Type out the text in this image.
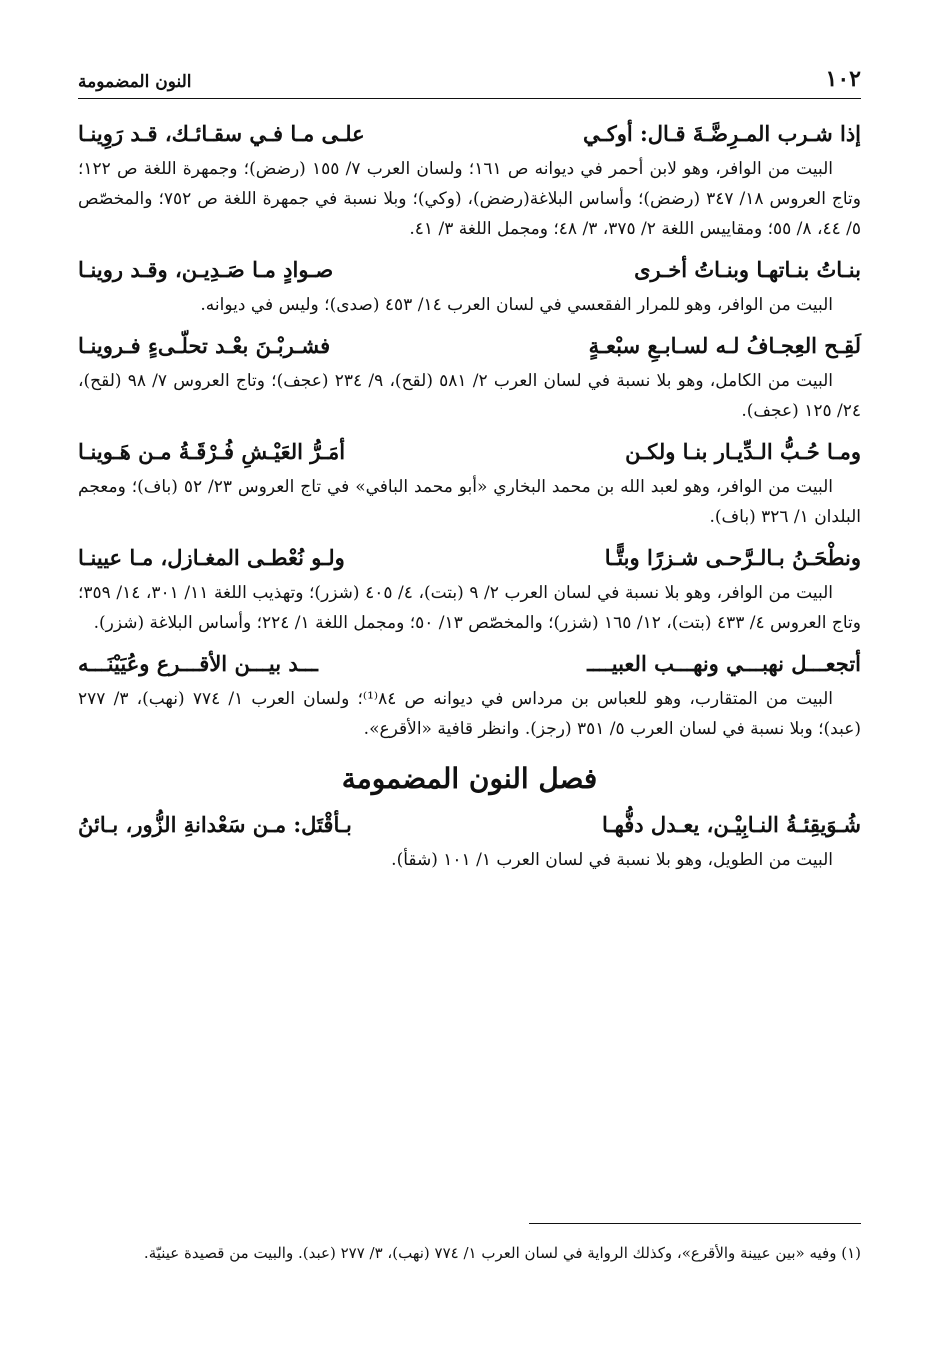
١٠٢
النون المضمومة
إذا شـرب المـرِضَّـةَ قـال: أوكـي
علـى مـا فـي سقـائـك، قـد رَوِينـا

البيت من الوافر، وهو لابن أحمر في ديوانه ص ١٦١؛ ولسان العرب ٧/ ١٥٥ (رضض)؛ وجمهرة اللغة ص ١٢٢؛ وتاج العروس ١٨/ ٣٤٧ (رضض)؛ وأساس البلاغة(رضض)، (وكي)؛ وبلا نسبة في جمهرة اللغة ص ٧٥٢؛ والمخصّص ٥/ ٤٤، ٨/ ٥٥؛ ومقاييس اللغة ٢/ ٣٧٥، ٣/ ٤٨؛ ومجمل اللغة ٣/ ٤١.

بنـاتُ بنـاتهـا وبنـاتُ أخـرى
صـوادٍ مـا صَـدِيـن، وقـد روينـا

البيت من الوافر، وهو للمرار الفقعسي في لسان العرب ١٤/ ٤٥٣ (صدى)؛ وليس في ديوانه.

لَقِـح العِجـافُ لـه لسـابـعِ سبْعـةٍ
فشـربْـنَ بعْـد تحلّـىءٍ فـروينـا

البيت من الكامل، وهو بلا نسبة في لسان العرب ٢/ ٥٨١ (لقح)، ٩/ ٢٣٤ (عجف)؛ وتاج العروس ٧/ ٩٨ (لقح)، ٢٤/ ١٢٥ (عجف).

ومـا حُـبُّ الـدِّيـار بنـا ولكـن
أمَـرُّ العَيْـشِ فُـرْقَـةُ مـن هَـوينـا

البيت من الوافر، وهو لعبد الله بن محمد البخاري «أبو محمد البافي» في تاج العروس ٢٣/ ٥٢ (باف)؛ ومعجم البلدان ١/ ٣٢٦ (باف).

ونطْحَـنُ بـالـرَّحـى شـزرًا وبتًّـا
ولـو نُعْطـى المغـازل، مـا عيينـا

البيت من الوافر، وهو بلا نسبة في لسان العرب ٢/ ٩ (بتت)، ٤/ ٤٠٥ (شزر)؛ وتهذيب اللغة ١١/ ٣٠١، ١٤/ ٣٥٩؛ وتاج العروس ٤/ ٤٣٣ (بتت)، ١٢/ ١٦٥ (شزر)؛ والمخصّص ١٣/ ٥٠؛ ومجمل اللغة ١/ ٢٢٤؛ وأساس البلاغة (شزر).

أتجعـــل نهبـــي ونهـــب العبيــــ
ـــد بيـــن الأقـــرع وعُيَيْنَـــه

البيت من المتقارب، وهو للعباس بن مرداس في ديوانه ص ٨٤⁽¹⁾؛ ولسان العرب ١/ ٧٧٤ (نهب)، ٣/ ٢٧٧ (عبد)؛ وبلا نسبة في لسان العرب ٥/ ٣٥١ (رجز). وانظر قافية «الأقرع».

فصل النون المضمومة
شُـوَيقِئـةُ النـابِيْـن، يعـدل دفُّهـا
بـأقْتَل: مـن سَعْدانةِ الزُّور، بـائنُ

البيت من الطويل، وهو بلا نسبة في لسان العرب ١/ ١٠١ (شقأ).

(١) وفيه «بين عيينة والأقرع»، وكذلك الرواية في لسان العرب ١/ ٧٧٤ (نهب)، ٣/ ٢٧٧ (عبد). والبيت من قصيدة عينيّة.
